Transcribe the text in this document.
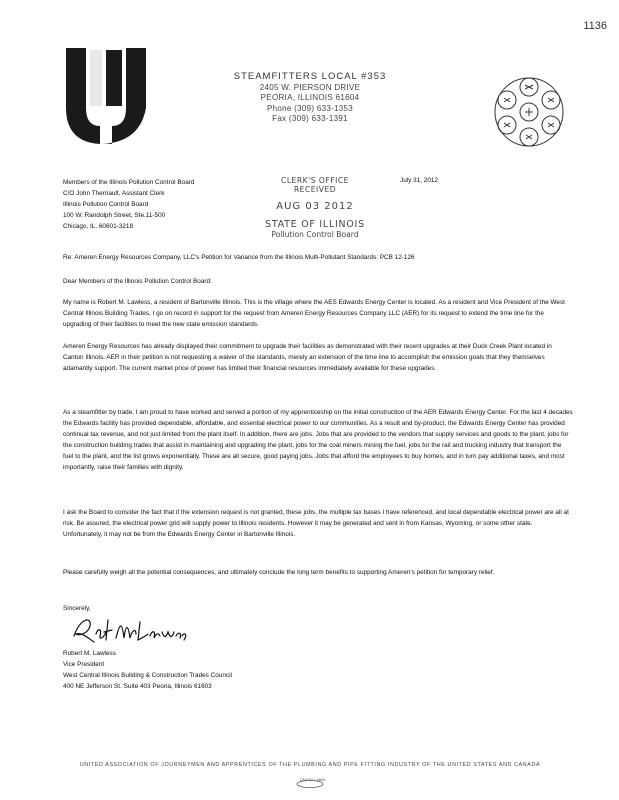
1136
UA
STEAMFITTERS LOCAL #353
2405 W. PIERSON DRIVE
PEORIA, ILLINOIS 61604
Phone (309) 633-1353
Fax (309) 633-1391
Members of the Illinois Pollution Control Board
C/O John Therriault, Assistant Clerk
Illinois Pollution Control Board
100 W. Randolph Street, Ste.11-500
Chicago, IL. 60601-3218
CLERK'S OFFICE
RECEIVED
AUG 03 2012
STATE OF ILLINOIS
Pollution Control Board
July 31, 2012
Re: Ameren Energy Resources Company, LLC's Petition for Variance from the Illinois Multi-Pollutant Standards: PCB 12-126
Dear Members of the Illinois Pollution Control Board:
My name is Robert M. Lawless, a resident of Bartonville Illinois. This is the village where the AES Edwards Energy Center is located. As a resident and Vice President of the West Central Illinois Building Trades, I go on record in support for the request from Ameren Energy Resources Company LLC (AER) for its request to extend the time line for the upgrading of their facilities to meet the new state emission standards.
Ameren Energy Resources has already displayed their commitment to upgrade their facilities as demonstrated with their recent upgrades at their Duck Creek Plant located in Canton Illinois. AER in their petition is not requesting a waiver of the standards, merely an extension of the time line to accomplish the emission goals that they themselves adamantly support. The current market price of power has limited their financial resources immediately available for these upgrades.
As a steamfitter by trade, I am proud to have worked and served a portion of my apprenticeship on the initial construction of the AER Edwards Energy Center. For the last 4 decades the Edwards facility has provided dependable, affordable, and essential electrical power to our communities. As a result and by-product, the Edwards Energy Center has provided continual tax revenue, and not just limited from the plant itself. In addition, there are jobs. Jobs that are provided to the vendors that supply services and goods to the plant, jobs for the construction building trades that assist in maintaining and upgrading the plant, jobs for the coal miners mining the fuel, jobs for the rail and trucking industry that transport the fuel to the plant, and the list grows exponentially. These are all secure, good paying jobs. Jobs that afford the employees to buy homes, and in turn pay additional taxes, and most importantly, raise their families with dignity.
I ask the Board to consider the fact that if the extension request is not granted, these jobs, the multiple tax bases I have referenced, and local dependable electrical power are all at risk. Be assured, the electrical power grid will supply power to Illinois residents. However it may be generated and sent in from Kansas, Wyoming, or some other state. Unfortunately, it may not be from the Edwards Energy Center in Bartonville Illinois.
Please carefully weigh all the potential consequences, and ultimately conclude the long term benefits to supporting Ameren's petition for temporary relief.
Sincerely,
Robert M. Lawless
Vice President
West Central Illinois Building & Construction Trades Council
400 NE Jefferson St. Suite 403 Peoria, Illinois 61603
UNITED ASSOCIATION OF JOURNEYMEN AND APPRENTICES OF THE PLUMBING AND PIPE FITTING INDUSTRY OF THE UNITED STATES AND CANADA
UNION LABEL
